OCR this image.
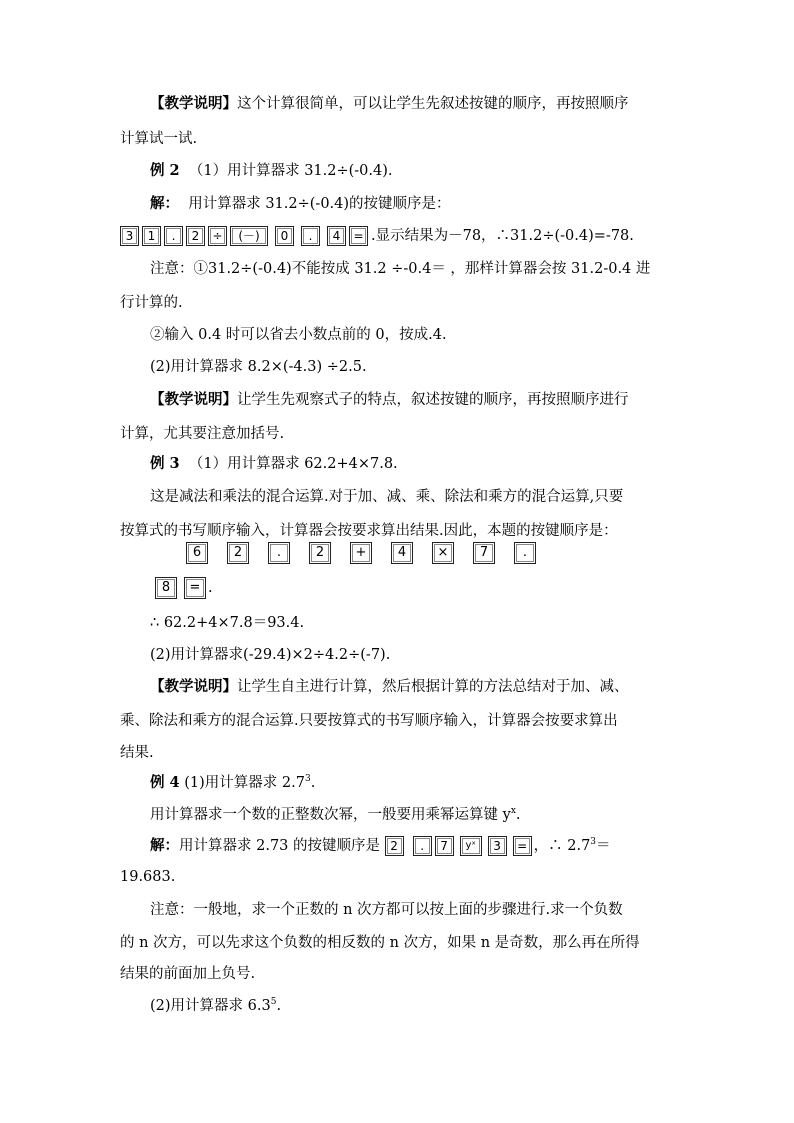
【教学说明】这个计算很简单，可以让学生先叙述按键的顺序，再按照顺序
计算试一试.
例 2 （1）用计算器求 31.2÷(-0.4).
解： 用计算器求 31.2÷(-0.4)的按键顺序是：
3 1 . 2 ÷ (－) 0 . 4 = .显示结果为－78，∴31.2÷(-0.4)=-78.
注意：①31.2÷(-0.4)不能按成 31.2 ÷-0.4＝ ，那样计算器会按 31.2-0.4 进
行计算的.
②输入 0.4 时可以省去小数点前的 0，按成.4.
(2)用计算器求 8.2×(-4.3) ÷2.5.
【教学说明】让学生先观察式子的特点，叙述按键的顺序，再按照顺序进行
计算，尤其要注意加括号.
例 3 （1）用计算器求 62.2+4×7.8.
这是减法和乘法的混合运算.对于加、减、乘、除法和乘方的混合运算,只要
按算式的书写顺序输入，计算器会按要求算出结果.因此，本题的按键顺序是：
6	2	.	2 + 4 × 7	.
8 = .
∴ 62.2+4×7.8＝93.4.
(2)用计算器求(-29.4)×2÷4.2÷(-7).
【教学说明】让学生自主进行计算，然后根据计算的方法总结对于加、减、
乘、除法和乘方的混合运算.只要按算式的书写顺序输入，计算器会按要求算出
结果.
例 4 (1)用计算器求 $2.7^3$.
用计算器求一个数的正整数次幂，一般要用乘幂运算键 $y^x$.
解：用计算器求 2.73 的按键顺序是 2 . 7 yˣ 3 = ，∴ $2.7^3=$
19.683.
注意：一般地，求一个正数的 n 次方都可以按上面的步骤进行.求一个负数
的 n 次方，可以先求这个负数的相反数的 n 次方，如果 n 是奇数，那么再在所得
结果的前面加上负号.
(2)用计算器求 $6.3^5$.
